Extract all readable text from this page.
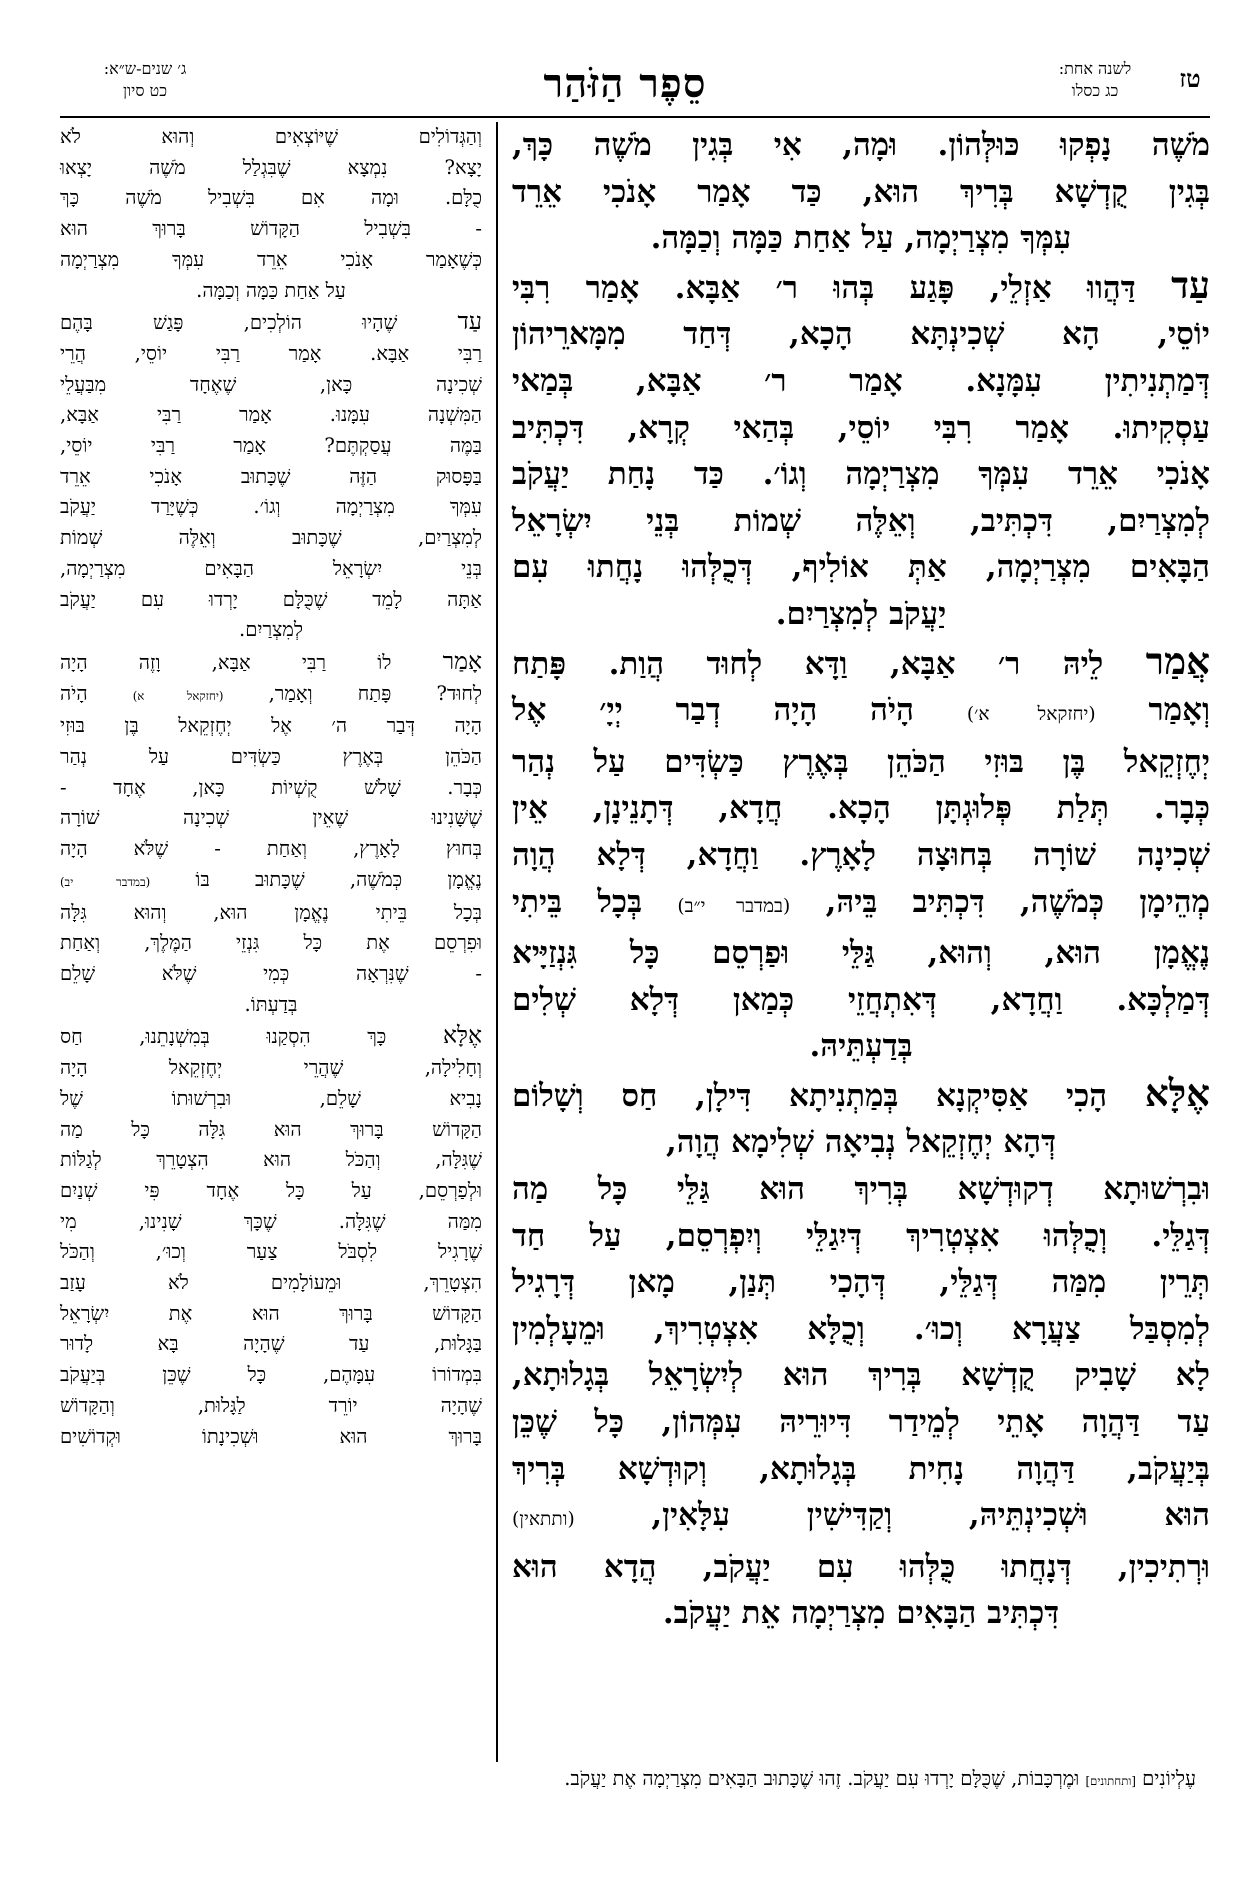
טז
לשנה אחת:
כג כסלו
סֵפֶר הַזֹּהַר
ג׳ שנים-ש״א:
כט סיון
מֹשֶׁה נָפְקוּ כּוּלְּהוֹן. וּמָה, אִי בְּגִין מֹשֶׁה כָּךְ,
בְּגִין קֻדְשָׁא בְּרִיךְ הוּא, כַּד אָמַר אָנֹכִי אֵרֵד
עִמְּךָ מִצְרַיְמָה, עַל אַחַת כַּמָּה וְכַמָּה.
עַד דַּהֲווּ אַזְלֵי, פָּגַע בְּהוּ ר׳ אַבָּא. אָמַר רִבִּי
יוֹסֵי, הָא שְׁכִינְתָּא הָכָא, דְּחַד מִמָּארֵיהוֹן
דְּמַתְנִיתִין עִמָּנָא. אָמַר ר׳ אַבָּא, בְּמַאי
עַסְקִיתוּ. אָמַר רִבִּי יוֹסֵי, בְּהַאי קְרָא, דִּכְתִּיב
אָנֹכִי אֵרֵד עִמְּךָ מִצְרַיְמָה וְגוֹ׳. כַּד נָחַת יַעֲקֹב
לְמִצְרַיִם, דִּכְתִּיב, וְאֵלֶּה שְׁמוֹת בְּנֵי יִשְׂרָאֵל
הַבָּאִים מִצְרַיְמָה, אַתְּ אוֹלִיף, דְּכֻלְּהוּ נָחֲתוּ עִם
יַעֲקֹב לְמִצְרַיִם.
אֲמַר לֵיהּ ר׳ אַבָּא, וַדָּא לְחוּד הֲוַת. פָּתַח
וְאָמַר (יחזקאל א׳) הָיֹה הָיָה דְבַר יְיָ׳ אֶל
יְחֶזְקֵאל בֶּן בּוּזִי הַכֹּהֵן בְּאֶרֶץ כַּשְׂדִּים עַל נְהַר
כְּבָר. תְּלַת פְּלוּגְתָּן הָכָא. חֲדָא, דְּתָנֵינָן, אֵין
שְׁכִינָה שׁוֹרָה בְּחוּצָה לָאָרֶץ. וַחֲדָא, דְּלָא הֲוָה
מְהֵימָן כְּמֹשֶׁה, דִּכְתִּיב בֵּיהּ, (במדבר י״ב) בְּכָל בֵּיתִי
נֶאֱמָן הוּא, וְהוּא, גַּלֵּי וּפַרְסֵם כָּל גִּנְזַיָּיא
דְּמַלְכָּא. וַחֲדָא, דְּאִתְחֲזֵי כְּמַאן דְּלָא שְׁלִים
בְּדַעְתֵּיהּ.
אֶלָּא הָכִי אַסִּיקְנָא בְּמַתְנִיתָא דִּילָן, חַס וְשָׁלוֹם
דְּהָא יְחֶזְקֵאל נְבִיאָה שְׁלִימָא הֲוָה,
וּבִרְשׁוּתָא דְקוּדְשָׁא בְּרִיךְ הוּא גַּלֵּי כָּל מַה
דְּגַלֵּי. וְכֻלְּהוּ אִצְטְרִיךְ דְּיִגַלֵּי וְיִפְרְסֵם, עַל חַד
תְּרֵין מִמַּה דְּגַלֵּי, דְּהָכִי תְּנַן, מָאן דְּרָגִיל
לְמִסְבַּל צַעֲרָא וְכוּ׳. וְכֻלָּא אִצְטְרִיךְ, וּמֵעָלְמִין
לָא שָׁבִיק קֻדְשָׁא בְּרִיךְ הוּא לְיִשְׂרָאֵל בְּגָלוּתָא,
עַד דַּהֲוָה אָתֵי לְמֵידַר דִּיוּרֵיהּ עִמְּהוֹן, כָּל שֶׁכֵּן
בְּיַעֲקֹב, דַּהֲוָה נָחִית בְּגָלוּתָא, וְקוּדְשָׁא בְּרִיךְ
הוּא וּשְׁכִינְתֵּיהּ, וְקַדִּישִׁין עִלָּאִין, (ותתאין)
וּרְתִיכִין, דְּנָחֲתוּ כֻּלְּהוּ עִם יַעֲקֹב, הֲדָא הוּא
דִּכְתִּיב הַבָּאִים מִצְרַיְמָה אֵת יַעֲקֹב.
וְהַגְּדוֹלִים שֶׁיּוֹצְאִים וְהוּא לֹא
יָצָא? נִמְצָא שֶׁבִּגְלַל מֹשֶׁה יָצְאוּ
כֻלָּם. וּמָה אִם בִּשְׁבִיל מֹשֶׁה כָּךְ
- בִּשְׁבִיל הַקָּדוֹשׁ בָּרוּךְ הוּא
כְּשֶׁאָמַר אָנֹכִי אֵרֵד עִמְּךָ מִצְרַיְמָה
עַל אַחַת כַּמָּה וְכַמָּה.
עַד שֶׁהָיוּ הוֹלְכִים, פָּגַשׁ בָּהֶם
רַבִּי אַבָּא. אָמַר רַבִּי יוֹסֵי, הֲרֵי
שְׁכִינָה כָּאן, שֶׁאֶחָד מִבַּעֲלֵי
הַמִּשְׁנָה עִמָּנוּ. אָמַר רַבִּי אַבָּא,
בַּמֶּה עֲסַקְתֶּם? אָמַר רַבִּי יוֹסֵי,
בַּפָּסוּק הַזֶּה שֶׁכָּתוּב אָנֹכִי אֵרֵד
עִמְּךָ מִצְרַיְמָה וְגוֹ׳. כְּשֶׁיָּרַד יַעֲקֹב
לְמִצְרַיִם, שֶׁכָּתוּב וְאֵלֶּה שְׁמוֹת
בְּנֵי יִשְׂרָאֵל הַבָּאִים מִצְרַיְמָה,
אַתָּה לָמֵד שֶׁכֻּלָּם יָרְדוּ עִם יַעֲקֹב
לְמִצְרַיִם.
אָמַר לוֹ רַבִּי אַבָּא, וָזֶה הָיָה
לְחוּד? פָּתַח וְאָמַר, (יחזקאל א) הָיֹה
הָיָה דְּבַר ה׳ אֶל יְחֶזְקֵאל בֶּן בּוּזִי
הַכֹּהֵן בְּאֶרֶץ כַּשְׂדִּים עַל נְהַר
כְּבָר. שָׁלֹשׁ קֻשְׁיוֹת כָּאן, אֶחָד -
שֶׁשָּׁנִינוּ שֶׁאֵין שְׁכִינָה שׁוֹרָה
בְּחוּץ לָאָרֶץ, וְאַחַת - שֶׁלֹּא הָיָה
נֶאֱמָן כְּמֹשֶׁה, שֶׁכָּתוּב בּוֹ (במדבר יב)
בְּכָל בֵּיתִי נֶאֱמָן הוּא, וְהוּא גִּלָּה
וּפִרְסֵם אֶת כָּל גִּנְזֵי הַמֶּלֶךְ, וְאַחַת
- שֶׁנִּרְאָה כְּמִי שֶׁלֹּא שָׁלֵם
בְּדַעְתּוֹ.
אֶלָּא כָּךְ הִסְקַנוּ בְּמִשְׁנָתֵנוּ, חַס
וְחָלִילָה, שֶׁהֲרֵי יְחֶזְקֵאל הָיָה
נָבִיא שָׁלֵם, וּבִרְשׁוּתוֹ שֶׁל
הַקָּדוֹשׁ בָּרוּךְ הוּא גִּלָּה כָּל מַה
שֶׁגִּלָּה, וְהַכֹּל הוּא הִצְטָרֵךְ לְגַלּוֹת
וּלְפַרְסֵם, עַל כָּל אֶחָד פִּי שְׁנַיִם
מִמַּה שֶׁגִּלָּה. שֶׁכָּךְ שָׁנִינוּ, מִי
שֶׁרָגִיל לִסְבֹּל צַעַר וְכוּ׳, וְהַכֹּל
הִצְטָרֵךְ, וּמֵעוֹלָמִים לֹא עָזַב
הַקָּדוֹשׁ בָּרוּךְ הוּא אֶת יִשְׂרָאֵל
בַּגָּלוּת, עַד שֶׁהָיָה בָּא לָדוּר
בִּמְדוֹרוֹ עִמָּהֶם, כָּל שֶׁכֵּן בְּיַעֲקֹב
שֶׁהָיָה יוֹרֵד לַגָּלוּת, וְהַקָּדוֹשׁ
בָּרוּךְ הוּא וּשְׁכִינָתוֹ וּקְדוֹשִׁים
עֶלְיוֹנִים [ותחתונים] וּמֶרְכָּבוֹת, שֶׁכֻּלָּם יָרְדוּ עִם יַעֲקֹב. זֶהוּ שֶׁכָּתוּב הַבָּאִים מִצְרַיְמָה אֶת יַעֲקֹב.
